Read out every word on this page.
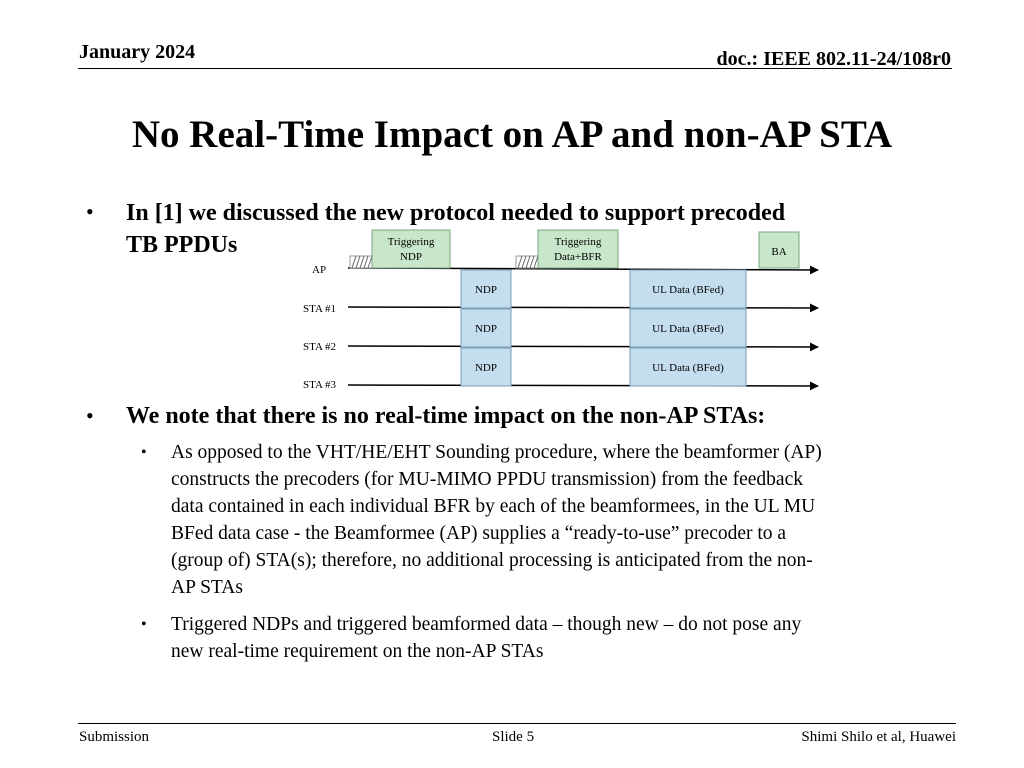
January 2024	doc.: IEEE 802.11-24/108r0
No Real-Time Impact on AP and non-AP STA
• In [1] we discussed the new protocol needed to support precoded
TB PPDUs
AP
STA #1
STA #2
STA #3
Triggering
NDP
Triggering
Data+BFR	BA
NDP
NDP
NDP
UL Data (BFed)
UL Data (BFed)
UL Data (BFed)
• We note that there is no real-time impact on the non-AP STAs:
• As opposed to the VHT/HE/EHT Sounding procedure, where the beamformer (AP)
constructs the precoders (for MU-MIMO PPDU transmission) from the feedback
data contained in each individual BFR by each of the beamformees, in the UL MU
BFed data case - the Beamformee (AP) supplies a “ready-to-use” precoder to a
(group of) STA(s); therefore, no additional processing is anticipated from the non-
AP STAs
• Triggered NDPs and triggered beamformed data – though new – do not pose any
new real-time requirement on the non-AP STAs
Submission	Slide 5	Shimi Shilo et al, Huawei
